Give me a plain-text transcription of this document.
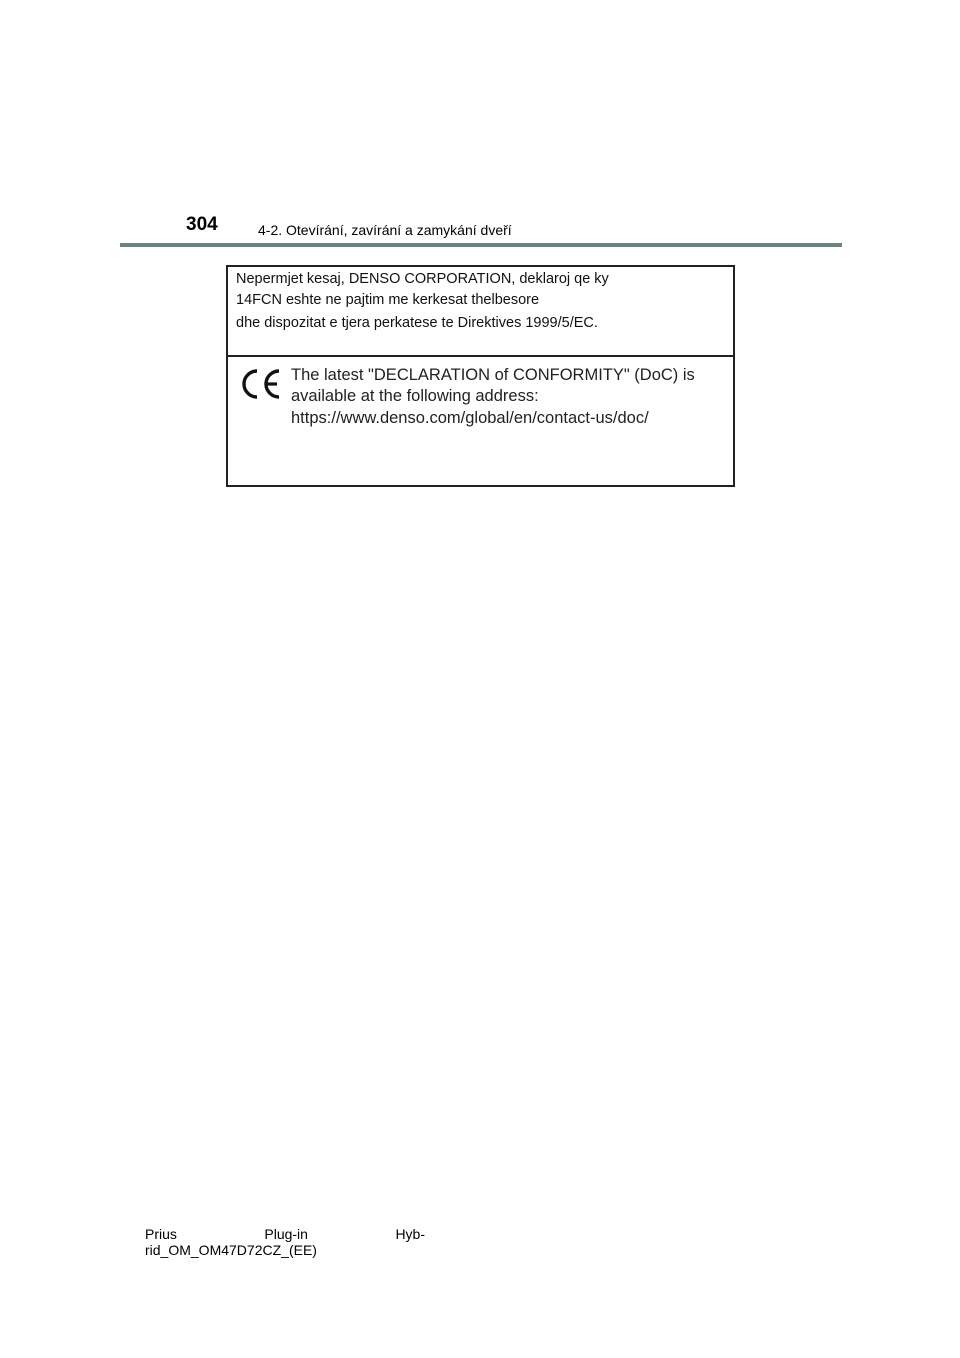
304	4-2. Otevírání, zavírání a zamykání dveří
Nepermjet kesaj, DENSO CORPORATION, deklaroj qe ky
14FCN eshte ne pajtim me kerkesat thelbesore
dhe dispozitat e tjera perkatese te Direktives 1999/5/EC.
The latest "DECLARATION of CONFORMITY" (DoC) is
available at the following address:
https://www.denso.com/global/en/contact-us/doc/
Prius	Plug-in	Hyb-
rid_OM_OM47D72CZ_(EE)
